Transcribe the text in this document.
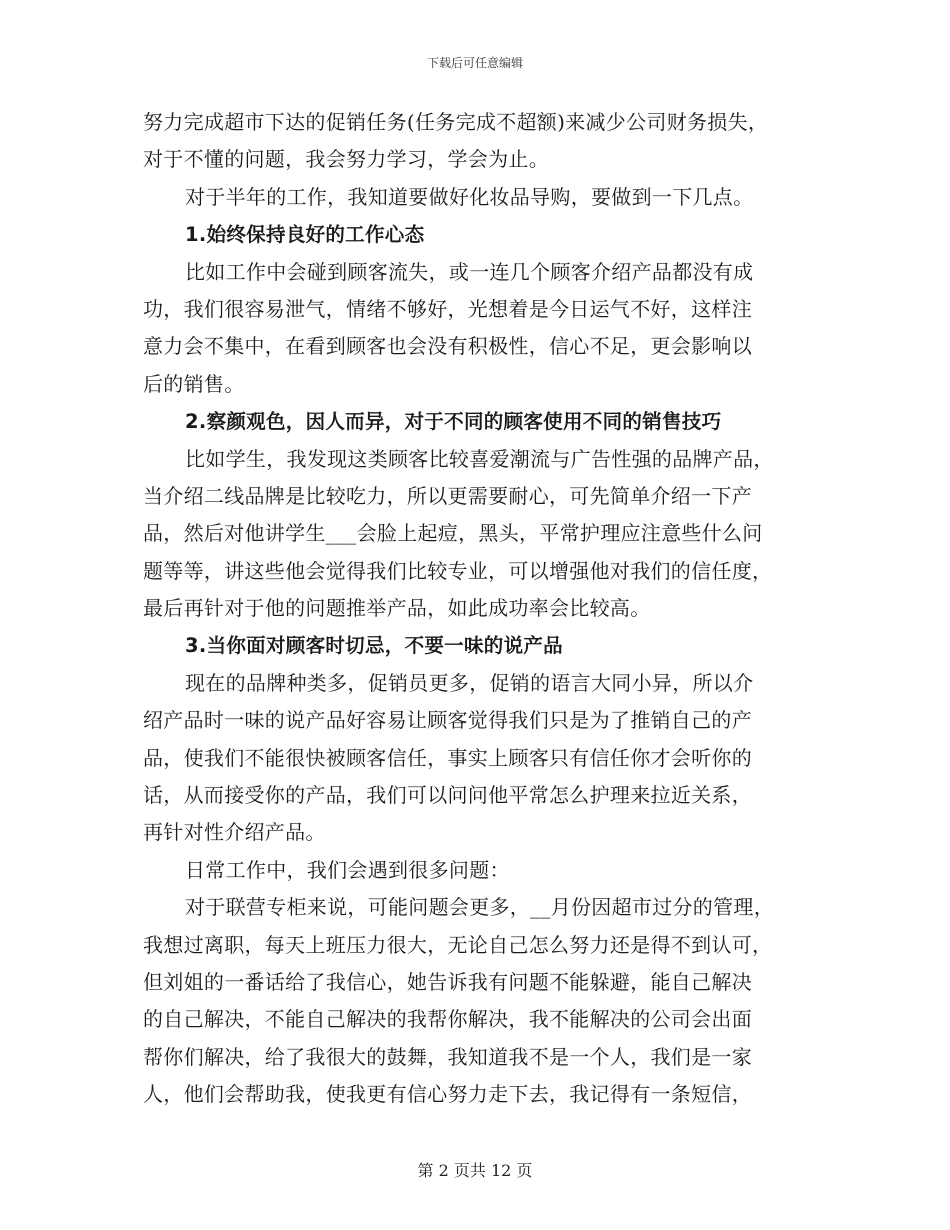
下载后可任意编辑
努力完成超市下达的促销任务(任务完成不超额)来减少公司财务损失，
对于不懂的问题，我会努力学习，学会为止。
对于半年的工作，我知道要做好化妆品导购，要做到一下几点。
1.始终保持良好的工作心态
比如工作中会碰到顾客流失，或一连几个顾客介绍产品都没有成
功，我们很容易泄气，情绪不够好，光想着是今日运气不好，这样注
意力会不集中，在看到顾客也会没有积极性，信心不足，更会影响以
后的销售。
2.察颜观色，因人而异，对于不同的顾客使用不同的销售技巧
比如学生，我发现这类顾客比较喜爱潮流与广告性强的品牌产品，
当介绍二线品牌是比较吃力，所以更需要耐心，可先简单介绍一下产
品，然后对他讲学生___会脸上起痘，黑头，平常护理应注意些什么问
题等等，讲这些他会觉得我们比较专业，可以增强他对我们的信任度，
最后再针对于他的问题推举产品，如此成功率会比较高。
3.当你面对顾客时切忌，不要一味的说产品
现在的品牌种类多，促销员更多，促销的语言大同小异，所以介
绍产品时一味的说产品好容易让顾客觉得我们只是为了推销自己的产
品，使我们不能很快被顾客信任，事实上顾客只有信任你才会听你的
话，从而接受你的产品，我们可以问问他平常怎么护理来拉近关系，
再针对性介绍产品。
日常工作中，我们会遇到很多问题：
对于联营专柜来说，可能问题会更多，__月份因超市过分的管理，
我想过离职，每天上班压力很大，无论自己怎么努力还是得不到认可，
但刘姐的一番话给了我信心，她告诉我有问题不能躲避，能自己解决
的自己解决，不能自己解决的我帮你解决，我不能解决的公司会出面
帮你们解决，给了我很大的鼓舞，我知道我不是一个人，我们是一家
人，他们会帮助我，使我更有信心努力走下去，我记得有一条短信，
第 2 页共 12 页
